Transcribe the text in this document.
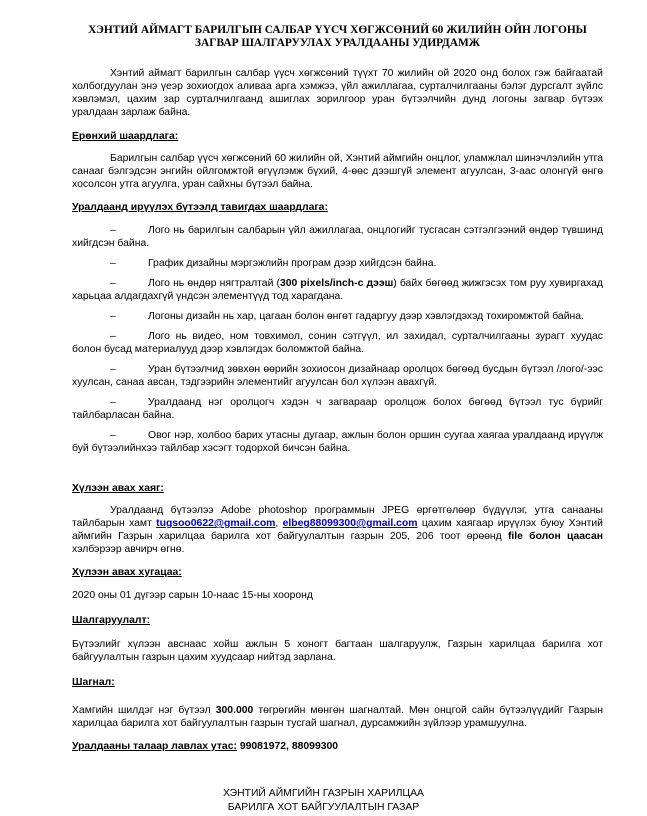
ХЭНТИЙ АЙМАГТ БАРИЛГЫН САЛБАР ҮҮСЧ ХӨГЖСӨНИЙ 60 ЖИЛИЙН ОЙН ЛОГОНЫ
ЗАГВАР ШАЛГАРУУЛАХ УРАЛДААНЫ УДИРДАМЖ

Хэнтий аймагт барилгын салбар үүсч хөгжсөний түүхт 70 жилийн ой 2020 онд болох гэж байгаатай холбогдуулан энэ үеэр зохиогдох аливаа арга хэмжээ, үйл ажиллагаа, сурталчилгааны бэлэг дурсгалт зүйлс хэвлэмэл, цахим зар сурталчилгаанд ашиглах зорилгоор уран бүтээлчийн дунд логоны загвар бүтээх уралдаан зарлаж байна.

Ерөнхий шаардлага:

Барилгын салбар үүсч хөгжсөний 60 жилийн ой, Хэнтий аймгийн онцлог, уламжлал шинэчлэлийн утга санааг бэлгэдсэн энгийн ойлгомжтой өгүүлэмж бүхий, 4-өөс дээшгүй элемент агуулсан, 3-аас олонгүй өнгө хосолсон утга агуулга, уран сайхны бүтээл байна.

Уралдаанд ирүүлэх бүтээлд тавигдах шаардлага:

–	Лого нь барилгын салбарын үйл ажиллагаа, онцлогийг тусгасан сэтгэлгээний өндөр түвшинд хийгдсэн байна.
–	График дизайны мэргэжлийн програм дээр хийгдсэн байна.
–	Лого нь өндөр нягтралтай (300 pixels/inch-с дээш) байх бөгөөд жижгэсэх том руу хувиргахад харьцаа алдагдахгүй үндсэн элементүүд тод харагдана.
–	Логоны дизайн нь хар, цагаан болон өнгөт гадаргуу дээр хэвлэгдэхэд тохиромжтой байна.
–	Лого нь видео, ном товхимол, сонин сэтгүүл, ил захидал, сурталчилгааны зурагт хуудас болон бусад материалууд дээр хэвлэгдэх боломжтой байна.
–	Уран бүтээлчид зөвхөн өөрийн зохиосон дизайнаар оролцох бөгөөд бусдын бүтээл /лого/-ээс хуулсан, санаа авсан, тэдгээрийн элементийг агуулсан бол хүлээн авахгүй.
–	Уралдаанд нэг оролцогч хэдэн ч загвараар оролцож болох бөгөөд бүтээл тус бүрийг тайлбарласан байна.
–	Овог нэр, холбоо барих утасны дугаар, ажлын болон оршин суугаа хаягаа уралдаанд ирүүлж буй бүтээлийнхээ тайлбар хэсэгт тодорхой бичсэн байна.

Хүлээн авах хаяг:

Уралдаанд бүтээлээ Adobe photoshop программын JPEG өргөтгөлөөр бүдүүлэг, утга санааны тайлбарын хамт tugsoo0622@gmail.com, elbeg88099300@gmail.com цахим хаягаар ирүүлэх буюу Хэнтий аймгийн Газрын харилцаа барилга хот байгуулалтын газрын 205, 206 тоот өрөөнд file болон цаасан хэлбэрээр авчирч өгнө.

Хүлээн авах хугацаа:

2020 оны 01 дүгээр сарын 10-наас 15-ны хооронд

Шалгаруулалт:

Бүтээлийг хүлээн авснаас хойш ажлын 5 хоногт багтаан шалгаруулж, Газрын харилцаа барилга хот байгуулалтын газрын цахим хуудсаар нийтэд зарлана.

Шагнал:

Хамгийн шилдэг нэг бүтээл 300.000 төгрөгийн мөнгөн шагналтай. Мөн онцгой сайн бүтээлүүдийг Газрын харилцаа барилга хот байгуулалтын газрын тусгай шагнал, дурсамжийн зүйлээр урамшуулна.

Уралдааны талаар лавлах утас: 99081972, 88099300

ХЭНТИЙ АЙМГИЙН ГАЗРЫН ХАРИЛЦАА
БАРИЛГА ХОТ БАЙГУУЛАЛТЫН ГАЗАР
